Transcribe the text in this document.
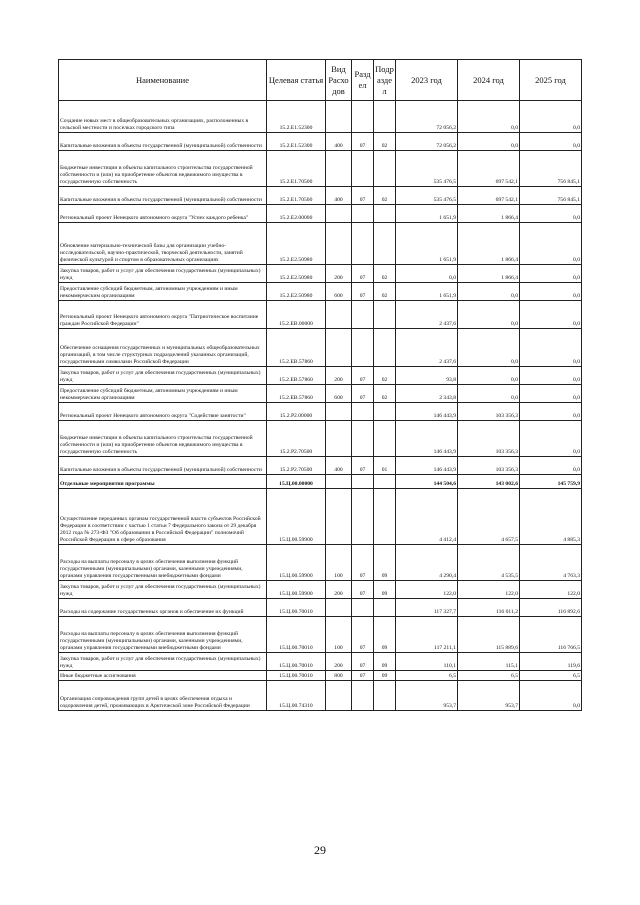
Наименование	Целевая статья	Вид Расхо дов	Разд ел	Подр азде л	2023 год	2024 год	2025 год
Создание новых мест в общеобразовательных организациях, расположенных в сельской местности и поселках городского типа	15.2.Е1.52300				72 056,2	0,0	0,0
Капитальные вложения в объекты государственной (муниципальной) собственности	15.2.Е1.52300	400	07	02	72 056,2	0,0	0,0
Бюджетные инвестиции в объекты капитального строительства государственной собственности и (или) на приобретение объектов недвижимого имущества в государственную собственность	15.2.Е1.70500				535 476,5	697 542,1	756 845,1
Капитальные вложения в объекты государственной (муниципальной) собственности	15.2.Е1.70500	400	07	02	535 476,5	697 542,1	756 845,1
Региональный проект Ненецкого автономного округа "Успех каждого ребенка"	15.2.Е2.00000				1 651,9	1 866,4	0,0
Обновление материально-технической базы для организации учебно-исследовательской, научно-практической, творческой деятельности, занятий физической культурой и спортом в образовательных организациях	15.2.Е2.50980				1 651,9	1 866,4	0,0
Закупка товаров, работ и услуг для обеспечения государственных (муниципальных) нужд	15.2.Е2.50980	200	07	02	0,0	1 866,4	0,0
Предоставление субсидий бюджетным, автономным учреждениям и иным некоммерческим организациям	15.2.Е2.50980	600	07	02	1 651,9	0,0	0,0
Региональный проект Ненецкого автономного округа "Патриотическое воспитание граждан Российской Федерации"	15.2.ЕВ.00000				2 437,6	0,0	0,0
Обеспечение оснащения государственных и муниципальных общеобразовательных организаций, в том числе структурных подразделений указанных организаций, государственными символами Российской Федерации	15.2.ЕВ.57860				2 437,6	0,0	0,0
Закупка товаров, работ и услуг для обеспечения государственных (муниципальных) нужд	15.2.ЕВ.57860	200	07	02	93,8	0,0	0,0
Предоставление субсидий бюджетным, автономным учреждениям и иным некоммерческим организациям	15.2.ЕВ.57860	600	07	02	2 343,8	0,0	0,0
Региональный проект Ненецкого автономного округа "Содействие занятости"	15.2.Р2.00000				146 443,9	103 356,3	0,0
Бюджетные инвестиции в объекты капитального строительства государственной собственности и (или) на приобретение объектов недвижимого имущества в государственную собственность	15.2.Р2.70500				146 443,9	103 356,3	0,0
Капитальные вложения в объекты государственной (муниципальной) собственности	15.2.Р2.70500	400	07	01	146 443,9	103 356,3	0,0
Отдельные мероприятия программы	15.Ц.00.00000				144 504,6	143 002,6	145 759,9
Осуществление переданных органам государственной власти субъектов Российской Федерации в соответствии с частью 1 статьи 7 Федерального закона от 29 декабря 2012 года № 273-ФЗ "Об образовании в Российской Федерации" полномочий Российской Федерации в сфере образования	15.Ц.00.59900				4 412,4	4 657,5	4 885,3
Расходы на выплаты персоналу в целях обеспечения выполнения функций государственными (муниципальными) органами, казенными учреждениями, органами управления государственными внебюджетными фондами	15.Ц.00.59900	100	07	09	4 290,4	4 535,5	4 763,3
Закупка товаров, работ и услуг для обеспечения государственных (муниципальных) нужд	15.Ц.00.59900	200	07	09	122,0	122,0	122,0
Расходы на содержание государственных органов и обеспечение их функций	15.Ц.00.70010				117 327,7	116 011,2	116 892,6
Расходы на выплаты персоналу в целях обеспечения выполнения функций государственными (муниципальными) органами, казенными учреждениями, органами управления государственными внебюджетными фондами	15.Ц.00.70010	100	07	09	117 211,1	115 889,6	116 766,5
Закупка товаров, работ и услуг для обеспечения государственных (муниципальных) нужд	15.Ц.00.70010	200	07	09	110,1	115,1	119,6
Иные бюджетные ассигнования	15.Ц.00.70010	800	07	09	6,5	6,5	6,5
Организация сопровождения групп детей в целях обеспечения отдыха и оздоровления детей, проживающих в Арктической зоне Российской Федерации	15.Ц.00.74310				953,7	953,7	0,0
29
